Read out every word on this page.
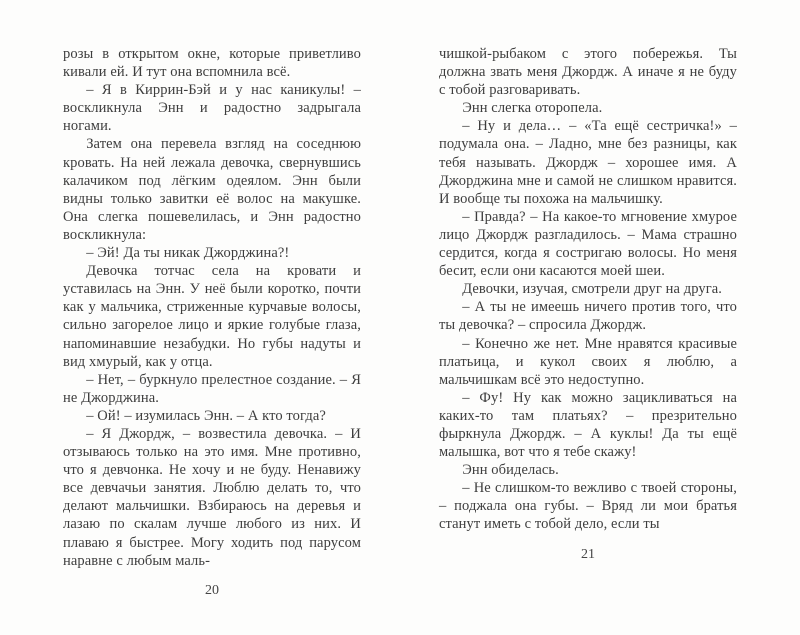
розы в открытом окне, которые приветливо кивали ей. И тут она вспомнила всё.

– Я в Киррин-Бэй и у нас каникулы! – воскликнула Энн и радостно задрыгала ногами.

Затем она перевела взгляд на соседнюю кровать. На ней лежала девочка, свернувшись калачиком под лёгким одеялом. Энн были видны только завитки её волос на макушке. Она слегка пошевелилась, и Энн радостно воскликнула:

– Эй! Да ты никак Джорджина?!

Девочка тотчас села на кровати и уставилась на Энн. У неё были коротко, почти как у мальчика, стриженные курчавые волосы, сильно загорелое лицо и яркие голубые глаза, напоминавшие незабудки. Но губы надуты и вид хмурый, как у отца.

– Нет, – буркнуло прелестное создание. – Я не Джорджина.

– Ой! – изумилась Энн. – А кто тогда?

– Я Джордж, – возвестила девочка. – И отзываюсь только на это имя. Мне противно, что я девчонка. Не хочу и не буду. Ненавижу все девчачьи занятия. Люблю делать то, что делают мальчишки. Взбираюсь на деревья и лазаю по скалам лучше любого из них. И плаваю я быстрее. Могу ходить под парусом наравне с любым маль-

20

чишкой-рыбаком с этого побережья. Ты должна звать меня Джордж. А иначе я не буду с тобой разговаривать.

Энн слегка оторопела.

– Ну и дела… – «Та ещё сестричка!» – подумала она. – Ладно, мне без разницы, как тебя называть. Джордж – хорошее имя. А Джорджина мне и самой не слишком нравится. И вообще ты похожа на мальчишку.

– Правда? – На какое-то мгновение хмурое лицо Джордж разгладилось. – Мама страшно сердится, когда я состригаю волосы. Но меня бесит, если они касаются моей шеи.

Девочки, изучая, смотрели друг на друга.

– А ты не имеешь ничего против того, что ты девочка? – спросила Джордж.

– Конечно же нет. Мне нравятся красивые платьица, и кукол своих я люблю, а мальчишкам всё это недоступно.

– Фу! Ну как можно зацикливаться на каких-то там платьях? – презрительно фыркнула Джордж. – А куклы! Да ты ещё малышка, вот что я тебе скажу!

Энн обиделась.

– Не слишком-то вежливо с твоей стороны, – поджала она губы. – Вряд ли мои братья станут иметь с тобой дело, если ты

21
